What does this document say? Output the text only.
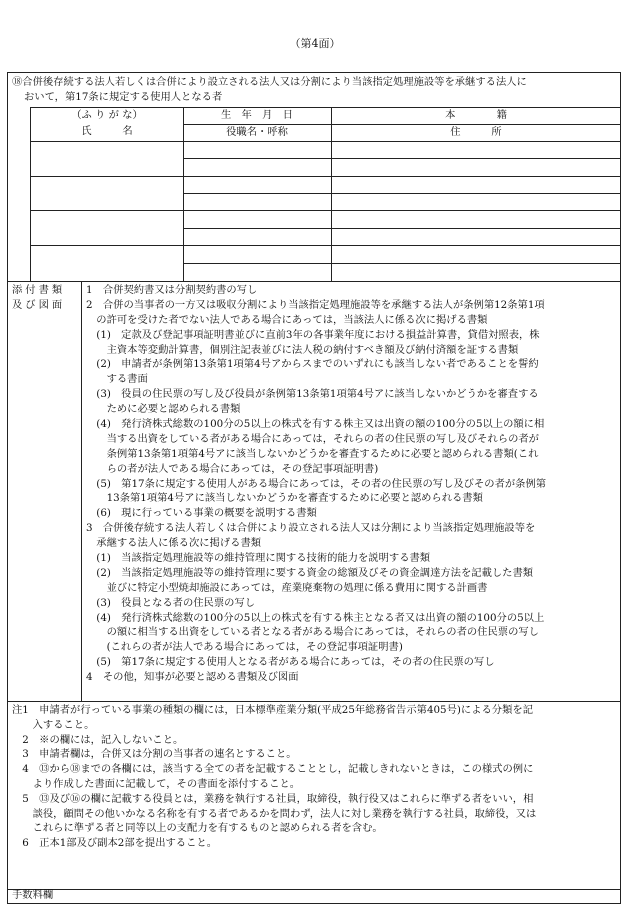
（第4面）
⑱合併後存続する法人若しくは合併により設立される法人又は分割により当該指定処理施設等を承継する法人に
おいて，第17条に規定する使用人となる者
（ふ り が な）
氏　　　名
生　年　月　日
役職名・呼称
本　　　　籍
住　　　所
添付書類
及び図面
1　合併契約書又は分割契約書の写し
2　合併の当事者の一方又は吸収分割により当該指定処理施設等を承継する法人が条例第12条第1項
　の許可を受けた者でない法人である場合にあっては，当該法人に係る次に掲げる書類
　(1)　定款及び登記事項証明書並びに直前3年の各事業年度における損益計算書，貸借対照表，株
　　主資本等変動計算書，個別注記表並びに法人税の納付すべき額及び納付済額を証する書類
　(2)　申請者が条例第13条第1項第4号アからスまでのいずれにも該当しない者であることを誓約
　　する書面
　(3)　役員の住民票の写し及び役員が条例第13条第1項第4号アに該当しないかどうかを審査する
　　ために必要と認められる書類
　(4)　発行済株式総数の100分の5以上の株式を有する株主又は出資の額の100分の5以上の額に相
　　当する出資をしている者がある場合にあっては，それらの者の住民票の写し及びそれらの者が
　　条例第13条第1項第4号アに該当しないかどうかを審査するために必要と認められる書類(これ
　　らの者が法人である場合にあっては，その登記事項証明書)
　(5)　第17条に規定する使用人がある場合にあっては，その者の住民票の写し及びその者が条例第
　　13条第1項第4号アに該当しないかどうかを審査するために必要と認められる書類
　(6)　現に行っている事業の概要を説明する書類
3　合併後存続する法人若しくは合併により設立される法人又は分割により当該指定処理施設等を
　承継する法人に係る次に掲げる書類
　(1)　当該指定処理施設等の維持管理に関する技術的能力を説明する書類
　(2)　当該指定処理施設等の維持管理に要する資金の総額及びその資金調達方法を記載した書類
　　並びに特定小型焼却施設にあっては，産業廃棄物の処理に係る費用に関する計画書
　(3)　役員となる者の住民票の写し
　(4)　発行済株式総数の100分の5以上の株式を有する株主となる者又は出資の額の100分の5以上
　　の額に相当する出資をしている者となる者がある場合にあっては，それらの者の住民票の写し
　　(これらの者が法人である場合にあっては，その登記事項証明書)
　(5)　第17条に規定する使用人となる者がある場合にあっては，その者の住民票の写し
4　その他，知事が必要と認める書類及び図面
注1　申請者が行っている事業の種類の欄には，日本標準産業分類(平成25年総務省告示第405号)による分類を記
　　入すること。
　2　※の欄には，記入しないこと。
　3　申請者欄は，合併又は分割の当事者の連名とすること。
　4　⑬から⑱までの各欄には，該当する全ての者を記載することとし，記載しきれないときは，この様式の例に
　　より作成した書面に記載して，その書面を添付すること。
　5　⑬及び⑯の欄に記載する役員とは，業務を執行する社員，取締役，執行役又はこれらに準ずる者をいい，相
　　談役，顧問その他いかなる名称を有する者であるかを問わず，法人に対し業務を執行する社員，取締役，又は
　　これらに準ずる者と同等以上の支配力を有するものと認められる者を含む。
　6　正本1部及び副本2部を提出すること。
手数料欄
